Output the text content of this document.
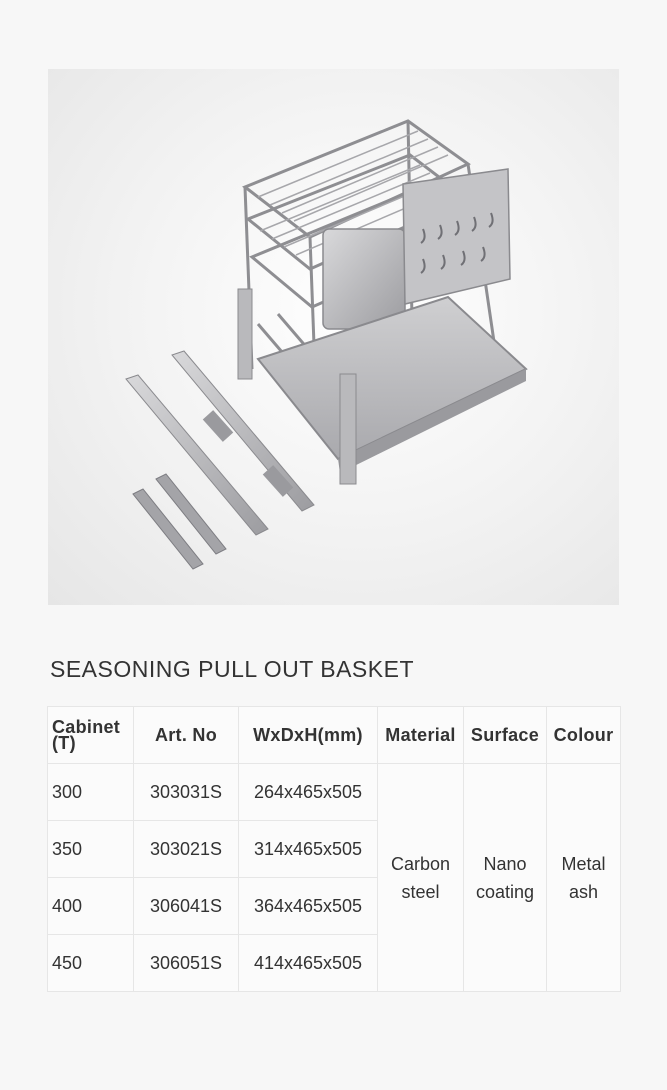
SEASONING PULL OUT BASKET
Cabinet (T)	Art. No	WxDxH(mm)	Material	Surface	Colour
300	303031S	264x465x505	Carbon steel	Nano coating	Metal ash
350	303021S	314x465x505			
400	306041S	364x465x505			
450	306051S	414x465x505			
